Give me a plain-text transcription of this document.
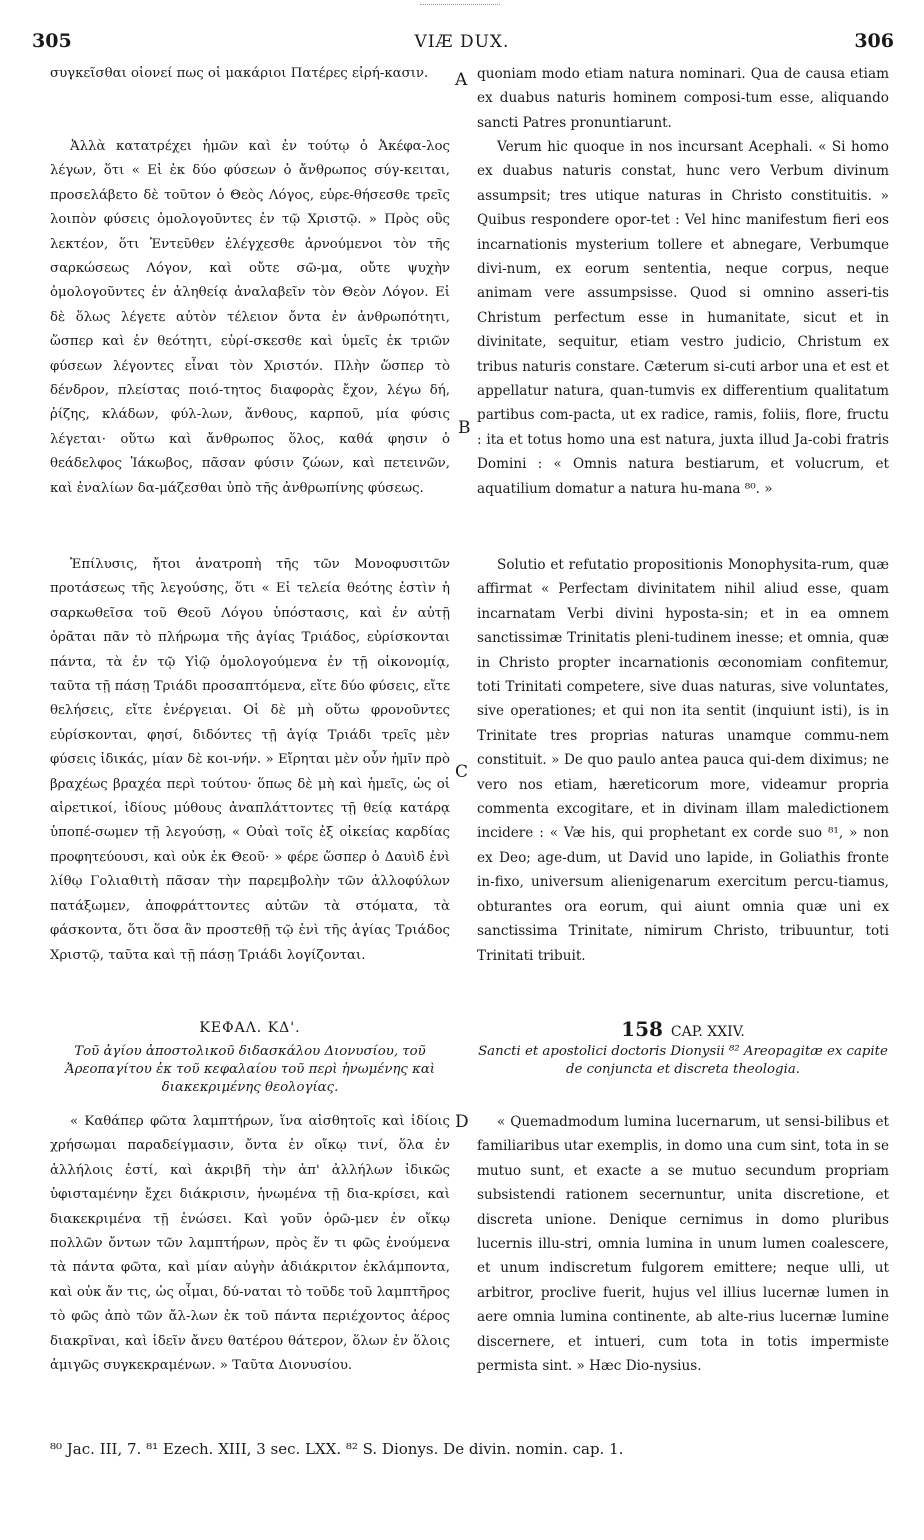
305	VIÆ DUX.	306
συγκεῖσθαι οἱονεί πως οἱ μακάριοι Πατέρες εἰρή-κασιν.
Ἀλλὰ κατατρέχει ἡμῶν καὶ ἐν τούτῳ ὁ Ἀκέφα-λος λέγων, ὅτι « Εἰ ἐκ δύο φύσεων ὁ ἄνθρωπος σύγ-κειται, προσελάβετο δὲ τοῦτον ὁ Θεὸς Λόγος, εὑρε-θήσεσθε τρεῖς λοιπὸν φύσεις ὁμολογοῦντες ἐν τῷ Χριστῷ. » Πρὸς οὓς λεκτέον, ὅτι Ἐντεῦθεν ἐλέγχεσθε ἀρνούμενοι τὸν τῆς σαρκώσεως Λόγον, καὶ οὔτε σῶ-μα, οὔτε ψυχὴν ὁμολογοῦντες ἐν ἀληθείᾳ ἀναλαβεῖν τὸν Θεὸν Λόγον. Εἰ δὲ ὅλως λέγετε αὐτὸν τέλειον ὄντα ἐν ἀνθρωπότητι, ὥσπερ καὶ ἐν θεότητι, εὑρί-σκεσθε καὶ ὑμεῖς ἐκ τριῶν φύσεων λέγοντες εἶναι τὸν Χριστόν. Πλὴν ὥσπερ τὸ δένδρον, πλείστας ποιό-τητος διαφορὰς ἔχον, λέγω δή, ῥίζης, κλάδων, φύλ-λων, ἄνθους, καρποῦ, μία φύσις λέγεται· οὕτω καὶ ἄνθρωπος ὅλος, καθά φησιν ὁ θεάδελφος Ἰάκωβος, πᾶσαν φύσιν ζώων, καὶ πετεινῶν, καὶ ἐναλίων δα-μάζεσθαι ὑπὸ τῆς ἀνθρωπίνης φύσεως.
Ἐπίλυσις, ἤτοι ἀνατροπὴ τῆς τῶν Μονοφυσιτῶν προτάσεως τῆς λεγούσης, ὅτι « Εἰ τελεία θεότης ἐστὶν ἡ σαρκωθεῖσα τοῦ Θεοῦ Λόγου ὑπόστασις, καὶ ἐν αὐτῇ ὁρᾶται πᾶν τὸ πλήρωμα τῆς ἁγίας Τριάδος, εὑρίσκονται πάντα, τὰ ἐν τῷ Υἱῷ ὁμολογούμενα ἐν τῇ οἰκονομίᾳ, ταῦτα τῇ πάσῃ Τριάδι προσαπτόμενα, εἴτε δύο φύσεις, εἴτε θελήσεις, εἴτε ἐνέργειαι. Οἱ δὲ μὴ οὕτω φρονοῦντες εὑρίσκονται, φησί, διδόντες τῇ ἁγίᾳ Τριάδι τρεῖς μὲν φύσεις ἰδικάς, μίαν δὲ κοι-νήν. » Εἴρηται μὲν οὖν ἡμῖν πρὸ βραχέως βραχέα περὶ τούτου· ὅπως δὲ μὴ καὶ ἡμεῖς, ὡς οἱ αἱρετικοί, ἰδίους μύθους ἀναπλάττοντες τῇ θείᾳ κατάρᾳ ὑποπέ-σωμεν τῇ λεγούσῃ, « Οὐαὶ τοῖς ἐξ οἰκείας καρδίας προφητεύουσι, καὶ οὐκ ἐκ Θεοῦ· » φέρε ὥσπερ ὁ Δαυὶδ ἑνὶ λίθῳ Γολιαθιτὴ πᾶσαν τὴν παρεμβολὴν τῶν ἀλλοφύλων πατάξωμεν, ἀποφράττοντες αὐτῶν τὰ στόματα, τὰ φάσκοντα, ὅτι ὅσα ἂν προστεθῇ τῷ ἑνὶ τῆς ἁγίας Τριάδος Χριστῷ, ταῦτα καὶ τῇ πάσῃ Τριάδι λογίζονται.
ΚΕΦΑΛ. ΚΔ'.
Τοῦ ἁγίου ἀποστολικοῦ διδασκάλου Διονυσίου, τοῦ Ἀρεοπαγίτου ἐκ τοῦ κεφαλαίου τοῦ περὶ ἡνωμένης καὶ διακεκριμένης θεολογίας.
« Καθάπερ φῶτα λαμπτήρων, ἵνα αἰσθητοῖς καὶ ἰδίοις χρήσωμαι παραδείγμασιν, ὄντα ἐν οἴκῳ τινί, ὅλα ἐν ἀλλήλοις ἐστί, καὶ ἀκριβῆ τὴν ἀπ' ἀλλήλων ἰδικῶς ὑφισταμένην ἔχει διάκρισιν, ἡνωμένα τῇ δια-κρίσει, καὶ διακεκριμένα τῇ ἑνώσει. Καὶ γοῦν ὁρῶ-μεν ἐν οἴκῳ πολλῶν ὄντων τῶν λαμπτήρων, πρὸς ἕν τι φῶς ἑνούμενα τὰ πάντα φῶτα, καὶ μίαν αὐγὴν ἀδιάκριτον ἐκλάμποντα, καὶ οὐκ ἄν τις, ὡς οἶμαι, δύ-ναται τὸ τοῦδε τοῦ λαμπτῆρος τὸ φῶς ἀπὸ τῶν ἄλ-λων ἐκ τοῦ πάντα περιέχοντος ἀέρος διακρῖναι, καὶ ἰδεῖν ἄνευ θατέρου θάτερον, ὅλων ἐν ὅλοις ἀμιγῶς συγκεκραμένων. » Ταῦτα Διονυσίου.
A
B
C
D
quoniam modo etiam natura nominari. Qua de causa etiam ex duabus naturis hominem composi-tum esse, aliquando sancti Patres pronuntiarunt.
Verum hic quoque in nos incursant Acephali. « Si homo ex duabus naturis constat, hunc vero Verbum divinum assumpsit; tres utique naturas in Christo constituitis. » Quibus respondere opor-tet : Vel hinc manifestum fieri eos incarnationis mysterium tollere et abnegare, Verbumque divi-num, ex eorum sententia, neque corpus, neque animam vere assumpsisse. Quod si omnino asseri-tis Christum perfectum esse in humanitate, sicut et in divinitate, sequitur, etiam vestro judicio, Christum ex tribus naturis constare. Cæterum si-cuti arbor una et est et appellatur natura, quan-tumvis ex differentium qualitatum partibus com-pacta, ut ex radice, ramis, foliis, flore, fructu : ita et totus homo una est natura, juxta illud Ja-cobi fratris Domini : « Omnis natura bestiarum, et volucrum, et aquatilium domatur a natura hu-mana ⁸⁰. »
Solutio et refutatio propositionis Monophysita-rum, quæ affirmat « Perfectam divinitatem nihil aliud esse, quam incarnatam Verbi divini hyposta-sin; et in ea omnem sanctissimæ Trinitatis pleni-tudinem inesse; et omnia, quæ in Christo propter incarnationis œconomiam confitemur, toti Trinitati competere, sive duas naturas, sive voluntates, sive operationes; et qui non ita sentit (inquiunt isti), is in Trinitate tres proprias naturas unamque commu-nem constituit. » De quo paulo antea pauca qui-dem diximus; ne vero nos etiam, hæreticorum more, videamur propria commenta excogitare, et in divinam illam maledictionem incidere : « Væ his, qui prophetant ex corde suo ⁸¹, » non ex Deo; age-dum, ut David uno lapide, in Goliathis fronte in-fixo, universum alienigenarum exercitum percu-tiamus, obturantes ora eorum, qui aiunt omnia quæ uni ex sanctissima Trinitate, nimirum Christo, tribuuntur, toti Trinitati tribuit.
158 CAP. XXIV.
Sancti et apostolici doctoris Dionysii ⁸² Areopagitæ ex capite de conjuncta et discreta theologia.
« Quemadmodum lumina lucernarum, ut sensi-bilibus et familiaribus utar exemplis, in domo una cum sint, tota in se mutuo sunt, et exacte a se mutuo secundum propriam subsistendi rationem secernuntur, unita discretione, et discreta unione. Denique cernimus in domo pluribus lucernis illu-stri, omnia lumina in unum lumen coalescere, et unum indiscretum fulgorem emittere; neque ulli, ut arbitror, proclive fuerit, hujus vel illius lucernæ lumen in aere omnia lumina continente, ab alte-rius lucernæ lumine discernere, et intueri, cum tota in totis impermiste permista sint. » Hæc Dio-nysius.
⁸⁰ Jac. III, 7. ⁸¹ Ezech. XIII, 3 sec. LXX. ⁸² S. Dionys. De divin. nomin. cap. 1.
